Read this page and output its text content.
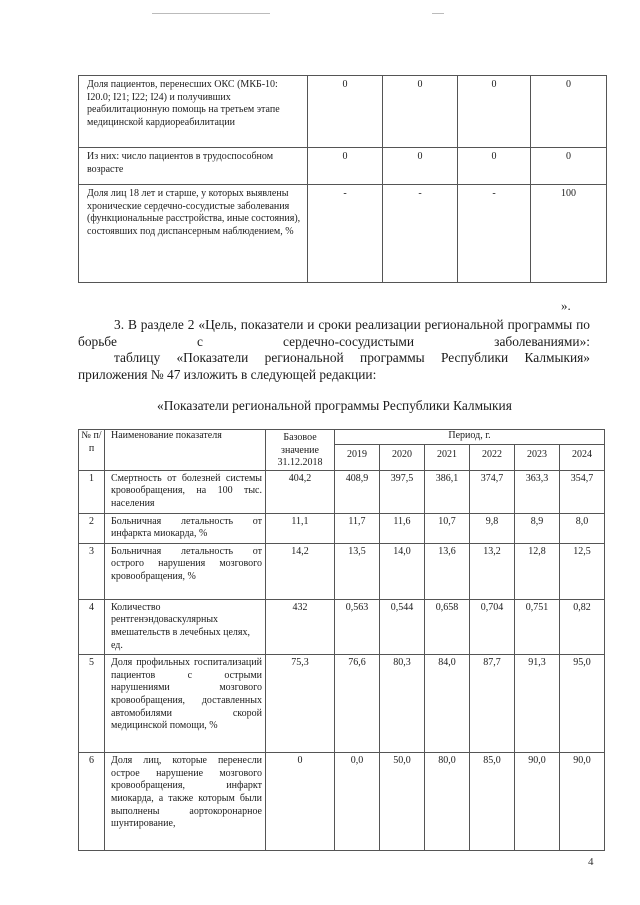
Доля пациентов, перенесших ОКС (МКБ-10: I20.0; I21; I22; I24) и получивших реабилитационную помощь на третьем этапе медицинской кардиореабилитации	0	0	0	0
Из них: число пациентов в трудоспособном возрасте	0	0	0	0
Доля лиц 18 лет и старше, у которых выявлены хронические сердечно-сосудистые заболевания (функциональные расстройства, иные состояния), состоявших под диспансерным наблюдением, %	-	-	-	100
».

3. В разделе 2 «Цель, показатели и сроки реализации региональной программы по борьбе с сердечно-сосудистыми заболеваниями»:

таблицу «Показатели региональной программы Республики Калмыкия» приложения № 47 изложить в следующей редакции:

«Показатели региональной программы Республики Калмыкия
№ п/п	Наименование показателя	Базовое значение 31.12.2018	Период, г.					
			2019	2020	2021	2022	2023	2024
1	Смертность от болезней системы кровообращения, на 100 тыс. населения	404,2	408,9	397,5	386,1	374,7	363,3	354,7
2	Больничная летальность от инфаркта миокарда, %	11,1	11,7	11,6	10,7	9,8	8,9	8,0
3	Больничная летальность от острого нарушения мозгового кровообращения, %	14,2	13,5	14,0	13,6	13,2	12,8	12,5
4	Количество рентгенэндоваскулярных вмешательств в лечебных целях, ед.	432	0,563	0,544	0,658	0,704	0,751	0,82
5	Доля профильных госпитализаций пациентов с острыми нарушениями мозгового кровообращения, доставленных автомобилями скорой медицинской помощи, %	75,3	76,6	80,3	84,0	87,7	91,3	95,0
6	Доля лиц, которые перенесли острое нарушение мозгового кровообращения, инфаркт миокарда, а также которым были выполнены аортокоронарное шунтирование,	0	0,0	50,0	80,0	85,0	90,0	90,0
4
